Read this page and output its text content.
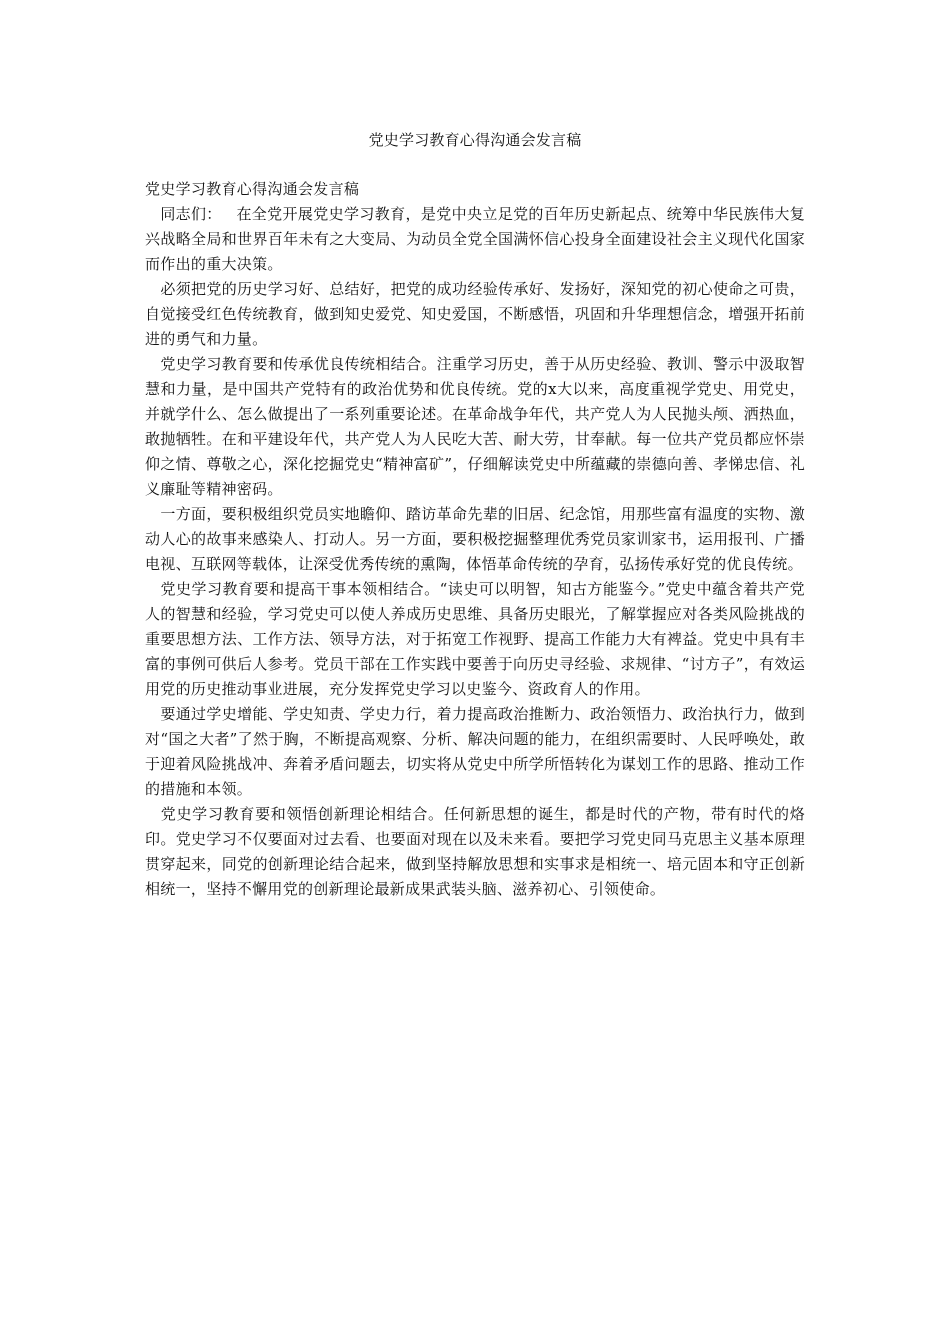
党史学习教育心得沟通会发言稿

党史学习教育心得沟通会发言稿

　同志们： 在全党开展党史学习教育，是党中央立足党的百年历史新起点、统筹中华民族伟大复兴战略全局和世界百年未有之大变局、为动员全党全国满怀信心投身全面建设社会主义现代化国家而作出的重大决策。

　必须把党的历史学习好、总结好，把党的成功经验传承好、发扬好，深知党的初心使命之可贵，自觉接受红色传统教育，做到知史爱党、知史爱国，不断感悟，巩固和升华理想信念，增强开拓前进的勇气和力量。

　党史学习教育要和传承优良传统相结合。注重学习历史，善于从历史经验、教训、警示中汲取智慧和力量，是中国共产党特有的政治优势和优良传统。党的x大以来，高度重视学党史、用党史，并就学什么、怎么做提出了一系列重要论述。在革命战争年代，共产党人为人民抛头颅、洒热血，敢抛牺牲。在和平建设年代，共产党人为人民吃大苦、耐大劳，甘奉献。每一位共产党员都应怀崇仰之情、尊敬之心，深化挖掘党史“精神富矿”，仔细解读党史中所蕴藏的崇德向善、孝悌忠信、礼义廉耻等精神密码。

　一方面，要积极组织党员实地瞻仰、踏访革命先辈的旧居、纪念馆，用那些富有温度的实物、激动人心的故事来感染人、打动人。另一方面，要积极挖掘整理优秀党员家训家书，运用报刊、广播电视、互联网等载体，让深受优秀传统的熏陶，体悟革命传统的孕育，弘扬传承好党的优良传统。

　党史学习教育要和提高干事本领相结合。“读史可以明智，知古方能鉴今。”党史中蕴含着共产党人的智慧和经验，学习党史可以使人养成历史思维、具备历史眼光，了解掌握应对各类风险挑战的重要思想方法、工作方法、领导方法，对于拓宽工作视野、提高工作能力大有裨益。党史中具有丰富的事例可供后人参考。党员干部在工作实践中要善于向历史寻经验、求规律、“讨方子”，有效运用党的历史推动事业进展，充分发挥党史学习以史鉴今、资政育人的作用。

　要通过学史增能、学史知责、学史力行，着力提高政治推断力、政治领悟力、政治执行力，做到对“国之大者”了然于胸，不断提高观察、分析、解决问题的能力，在组织需要时、人民呼唤处，敢于迎着风险挑战冲、奔着矛盾问题去，切实将从党史中所学所悟转化为谋划工作的思路、推动工作的措施和本领。

　党史学习教育要和领悟创新理论相结合。任何新思想的诞生，都是时代的产物，带有时代的烙印。党史学习不仅要面对过去看、也要面对现在以及未来看。要把学习党史同马克思主义基本原理贯穿起来，同党的创新理论结合起来，做到坚持解放思想和实事求是相统一、培元固本和守正创新相统一，坚持不懈用党的创新理论最新成果武装头脑、滋养初心、引领使命。
